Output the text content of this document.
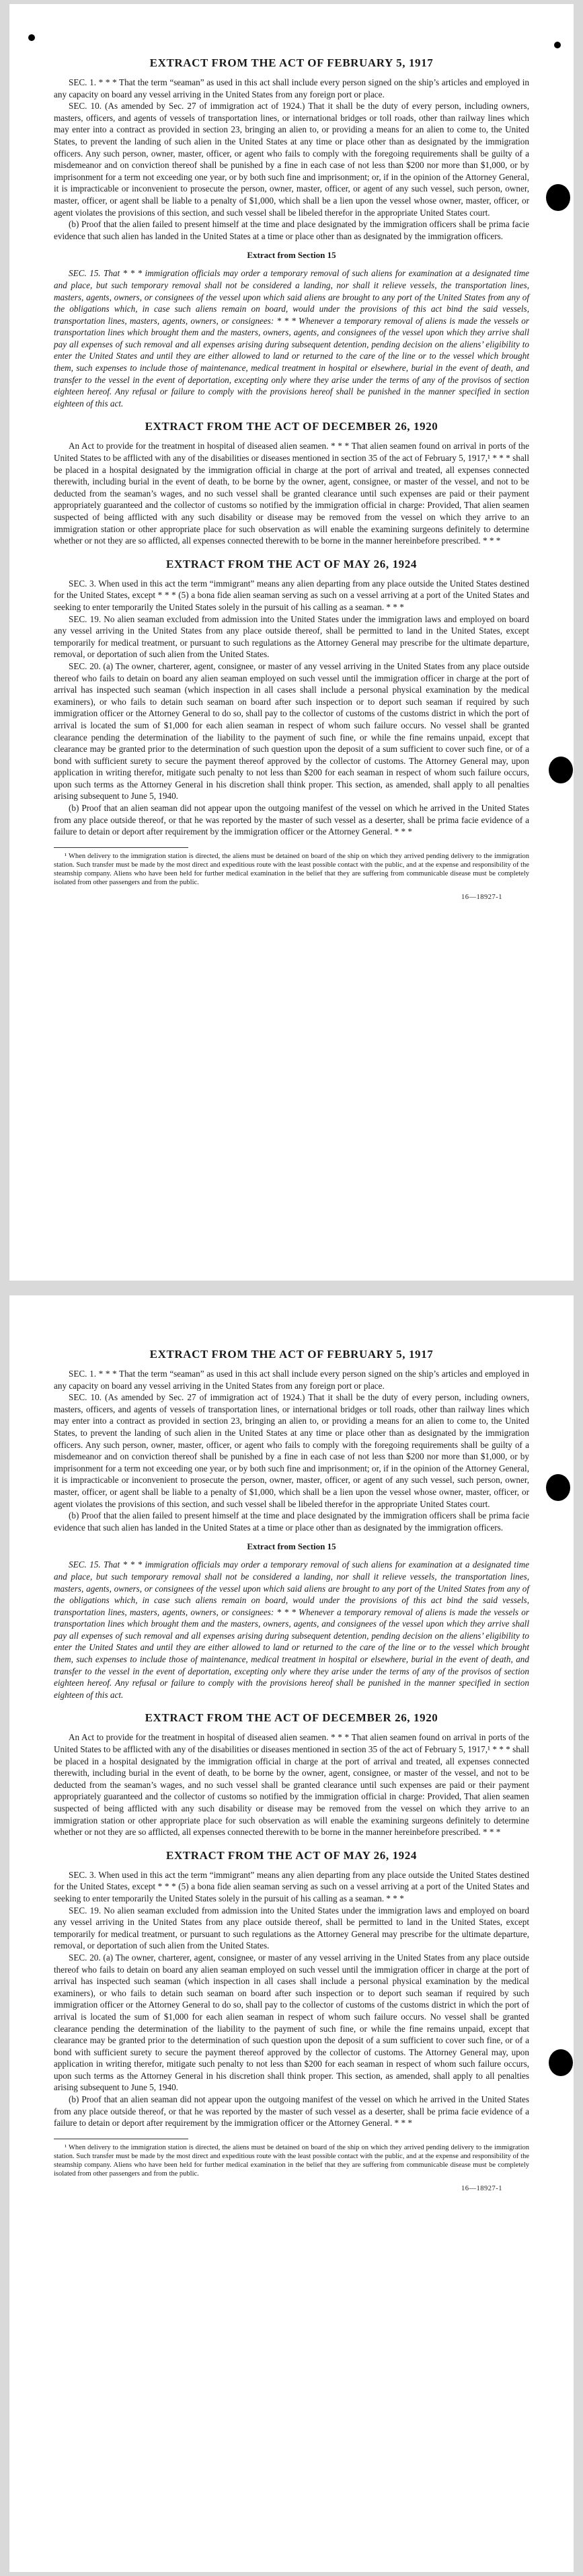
EXTRACT FROM THE ACT OF FEBRUARY 5, 1917

SEC. 1. * * * That the term “seaman” as used in this act shall include every person signed on the ship’s articles and employed in any capacity on board any vessel arriving in the United States from any foreign port or place.

SEC. 10. (As amended by Sec. 27 of immigration act of 1924.) That it shall be the duty of every person, including owners, masters, officers, and agents of vessels of transportation lines, or international bridges or toll roads, other than railway lines which may enter into a contract as provided in section 23, bringing an alien to, or providing a means for an alien to come to, the United States, to prevent the landing of such alien in the United States at any time or place other than as designated by the immigration officers. Any such person, owner, master, officer, or agent who fails to comply with the foregoing requirements shall be guilty of a misdemeanor and on conviction thereof shall be punished by a fine in each case of not less than $200 nor more than $1,000, or by imprisonment for a term not exceeding one year, or by both such fine and imprisonment; or, if in the opinion of the Attorney General, it is impracticable or inconvenient to prosecute the person, owner, master, officer, or agent of any such vessel, such person, owner, master, officer, or agent shall be liable to a penalty of $1,000, which shall be a lien upon the vessel whose owner, master, officer, or agent violates the provisions of this section, and such vessel shall be libeled therefor in the appropriate United States court.

(b) Proof that the alien failed to present himself at the time and place designated by the immigration officers shall be prima facie evidence that such alien has landed in the United States at a time or place other than as designated by the immigration officers.

Extract from Section 15

SEC. 15. That * * * immigration officials may order a temporary removal of such aliens for examination at a designated time and place, but such temporary removal shall not be considered a landing, nor shall it relieve vessels, the transportation lines, masters, agents, owners, or consignees of the vessel upon which said aliens are brought to any port of the United States from any of the obligations which, in case such aliens remain on board, would under the provisions of this act bind the said vessels, transportation lines, masters, agents, owners, or consignees: * * * Whenever a temporary removal of aliens is made the vessels or transportation lines which brought them and the masters, owners, agents, and consignees of the vessel upon which they arrive shall pay all expenses of such removal and all expenses arising during subsequent detention, pending decision on the aliens’ eligibility to enter the United States and until they are either allowed to land or returned to the care of the line or to the vessel which brought them, such expenses to include those of maintenance, medical treatment in hospital or elsewhere, burial in the event of death, and transfer to the vessel in the event of deportation, excepting only where they arise under the terms of any of the provisos of section eighteen hereof. Any refusal or failure to comply with the provisions hereof shall be punished in the manner specified in section eighteen of this act.

EXTRACT FROM THE ACT OF DECEMBER 26, 1920

An Act to provide for the treatment in hospital of diseased alien seamen. * * * That alien seamen found on arrival in ports of the United States to be afflicted with any of the disabilities or diseases mentioned in section 35 of the act of February 5, 1917,¹ * * * shall be placed in a hospital designated by the immigration official in charge at the port of arrival and treated, all expenses connected therewith, including burial in the event of death, to be borne by the owner, agent, consignee, or master of the vessel, and not to be deducted from the seaman’s wages, and no such vessel shall be granted clearance until such expenses are paid or their payment appropriately guaranteed and the collector of customs so notified by the immigration official in charge: Provided, That alien seamen suspected of being afflicted with any such disability or disease may be removed from the vessel on which they arrive to an immigration station or other appropriate place for such observation as will enable the examining surgeons definitely to determine whether or not they are so afflicted, all expenses connected therewith to be borne in the manner hereinbefore prescribed. * * *

EXTRACT FROM THE ACT OF MAY 26, 1924

SEC. 3. When used in this act the term “immigrant” means any alien departing from any place outside the United States destined for the United States, except * * * (5) a bona fide alien seaman serving as such on a vessel arriving at a port of the United States and seeking to enter temporarily the United States solely in the pursuit of his calling as a seaman. * * *

SEC. 19. No alien seaman excluded from admission into the United States under the immigration laws and employed on board any vessel arriving in the United States from any place outside thereof, shall be permitted to land in the United States, except temporarily for medical treatment, or pursuant to such regulations as the Attorney General may prescribe for the ultimate departure, removal, or deportation of such alien from the United States.

SEC. 20. (a) The owner, charterer, agent, consignee, or master of any vessel arriving in the United States from any place outside thereof who fails to detain on board any alien seaman employed on such vessel until the immigration officer in charge at the port of arrival has inspected such seaman (which inspection in all cases shall include a personal physical examination by the medical examiners), or who fails to detain such seaman on board after such inspection or to deport such seaman if required by such immigration officer or the Attorney General to do so, shall pay to the collector of customs of the customs district in which the port of arrival is located the sum of $1,000 for each alien seaman in respect of whom such failure occurs. No vessel shall be granted clearance pending the determination of the liability to the payment of such fine, or while the fine remains unpaid, except that clearance may be granted prior to the determination of such question upon the deposit of a sum sufficient to cover such fine, or of a bond with sufficient surety to secure the payment thereof approved by the collector of customs. The Attorney General may, upon application in writing therefor, mitigate such penalty to not less than $200 for each seaman in respect of whom such failure occurs, upon such terms as the Attorney General in his discretion shall think proper. This section, as amended, shall apply to all penalties arising subsequent to June 5, 1940.

(b) Proof that an alien seaman did not appear upon the outgoing manifest of the vessel on which he arrived in the United States from any place outside thereof, or that he was reported by the master of such vessel as a deserter, shall be prima facie evidence of a failure to detain or deport after requirement by the immigration officer or the Attorney General. * * *

¹ When delivery to the immigration station is directed, the aliens must be detained on board of the ship on which they arrived pending delivery to the immigration station. Such transfer must be made by the most direct and expeditious route with the least possible contact with the public, and at the expense and responsibility of the steamship company. Aliens who have been held for further medical examination in the belief that they are suffering from communicable disease must be completely isolated from other passengers and from the public.

16—18927-1
EXTRACT FROM THE ACT OF FEBRUARY 5, 1917

SEC. 1. * * * That the term “seaman” as used in this act shall include every person signed on the ship’s articles and employed in any capacity on board any vessel arriving in the United States from any foreign port or place.

SEC. 10. (As amended by Sec. 27 of immigration act of 1924.) That it shall be the duty of every person, including owners, masters, officers, and agents of vessels of transportation lines, or international bridges or toll roads, other than railway lines which may enter into a contract as provided in section 23, bringing an alien to, or providing a means for an alien to come to, the United States, to prevent the landing of such alien in the United States at any time or place other than as designated by the immigration officers. Any such person, owner, master, officer, or agent who fails to comply with the foregoing requirements shall be guilty of a misdemeanor and on conviction thereof shall be punished by a fine in each case of not less than $200 nor more than $1,000, or by imprisonment for a term not exceeding one year, or by both such fine and imprisonment; or, if in the opinion of the Attorney General, it is impracticable or inconvenient to prosecute the person, owner, master, officer, or agent of any such vessel, such person, owner, master, officer, or agent shall be liable to a penalty of $1,000, which shall be a lien upon the vessel whose owner, master, officer, or agent violates the provisions of this section, and such vessel shall be libeled therefor in the appropriate United States court.

(b) Proof that the alien failed to present himself at the time and place designated by the immigration officers shall be prima facie evidence that such alien has landed in the United States at a time or place other than as designated by the immigration officers.

Extract from Section 15

SEC. 15. That * * * immigration officials may order a temporary removal of such aliens for examination at a designated time and place, but such temporary removal shall not be considered a landing, nor shall it relieve vessels, the transportation lines, masters, agents, owners, or consignees of the vessel upon which said aliens are brought to any port of the United States from any of the obligations which, in case such aliens remain on board, would under the provisions of this act bind the said vessels, transportation lines, masters, agents, owners, or consignees: * * * Whenever a temporary removal of aliens is made the vessels or transportation lines which brought them and the masters, owners, agents, and consignees of the vessel upon which they arrive shall pay all expenses of such removal and all expenses arising during subsequent detention, pending decision on the aliens’ eligibility to enter the United States and until they are either allowed to land or returned to the care of the line or to the vessel which brought them, such expenses to include those of maintenance, medical treatment in hospital or elsewhere, burial in the event of death, and transfer to the vessel in the event of deportation, excepting only where they arise under the terms of any of the provisos of section eighteen hereof. Any refusal or failure to comply with the provisions hereof shall be punished in the manner specified in section eighteen of this act.

EXTRACT FROM THE ACT OF DECEMBER 26, 1920

An Act to provide for the treatment in hospital of diseased alien seamen. * * * That alien seamen found on arrival in ports of the United States to be afflicted with any of the disabilities or diseases mentioned in section 35 of the act of February 5, 1917,¹ * * * shall be placed in a hospital designated by the immigration official in charge at the port of arrival and treated, all expenses connected therewith, including burial in the event of death, to be borne by the owner, agent, consignee, or master of the vessel, and not to be deducted from the seaman’s wages, and no such vessel shall be granted clearance until such expenses are paid or their payment appropriately guaranteed and the collector of customs so notified by the immigration official in charge: Provided, That alien seamen suspected of being afflicted with any such disability or disease may be removed from the vessel on which they arrive to an immigration station or other appropriate place for such observation as will enable the examining surgeons definitely to determine whether or not they are so afflicted, all expenses connected therewith to be borne in the manner hereinbefore prescribed. * * *

EXTRACT FROM THE ACT OF MAY 26, 1924

SEC. 3. When used in this act the term “immigrant” means any alien departing from any place outside the United States destined for the United States, except * * * (5) a bona fide alien seaman serving as such on a vessel arriving at a port of the United States and seeking to enter temporarily the United States solely in the pursuit of his calling as a seaman. * * *

SEC. 19. No alien seaman excluded from admission into the United States under the immigration laws and employed on board any vessel arriving in the United States from any place outside thereof, shall be permitted to land in the United States, except temporarily for medical treatment, or pursuant to such regulations as the Attorney General may prescribe for the ultimate departure, removal, or deportation of such alien from the United States.

SEC. 20. (a) The owner, charterer, agent, consignee, or master of any vessel arriving in the United States from any place outside thereof who fails to detain on board any alien seaman employed on such vessel until the immigration officer in charge at the port of arrival has inspected such seaman (which inspection in all cases shall include a personal physical examination by the medical examiners), or who fails to detain such seaman on board after such inspection or to deport such seaman if required by such immigration officer or the Attorney General to do so, shall pay to the collector of customs of the customs district in which the port of arrival is located the sum of $1,000 for each alien seaman in respect of whom such failure occurs. No vessel shall be granted clearance pending the determination of the liability to the payment of such fine, or while the fine remains unpaid, except that clearance may be granted prior to the determination of such question upon the deposit of a sum sufficient to cover such fine, or of a bond with sufficient surety to secure the payment thereof approved by the collector of customs. The Attorney General may, upon application in writing therefor, mitigate such penalty to not less than $200 for each seaman in respect of whom such failure occurs, upon such terms as the Attorney General in his discretion shall think proper. This section, as amended, shall apply to all penalties arising subsequent to June 5, 1940.

(b) Proof that an alien seaman did not appear upon the outgoing manifest of the vessel on which he arrived in the United States from any place outside thereof, or that he was reported by the master of such vessel as a deserter, shall be prima facie evidence of a failure to detain or deport after requirement by the immigration officer or the Attorney General. * * *

¹ When delivery to the immigration station is directed, the aliens must be detained on board of the ship on which they arrived pending delivery to the immigration station. Such transfer must be made by the most direct and expeditious route with the least possible contact with the public, and at the expense and responsibility of the steamship company. Aliens who have been held for further medical examination in the belief that they are suffering from communicable disease must be completely isolated from other passengers and from the public.

16—18927-1
